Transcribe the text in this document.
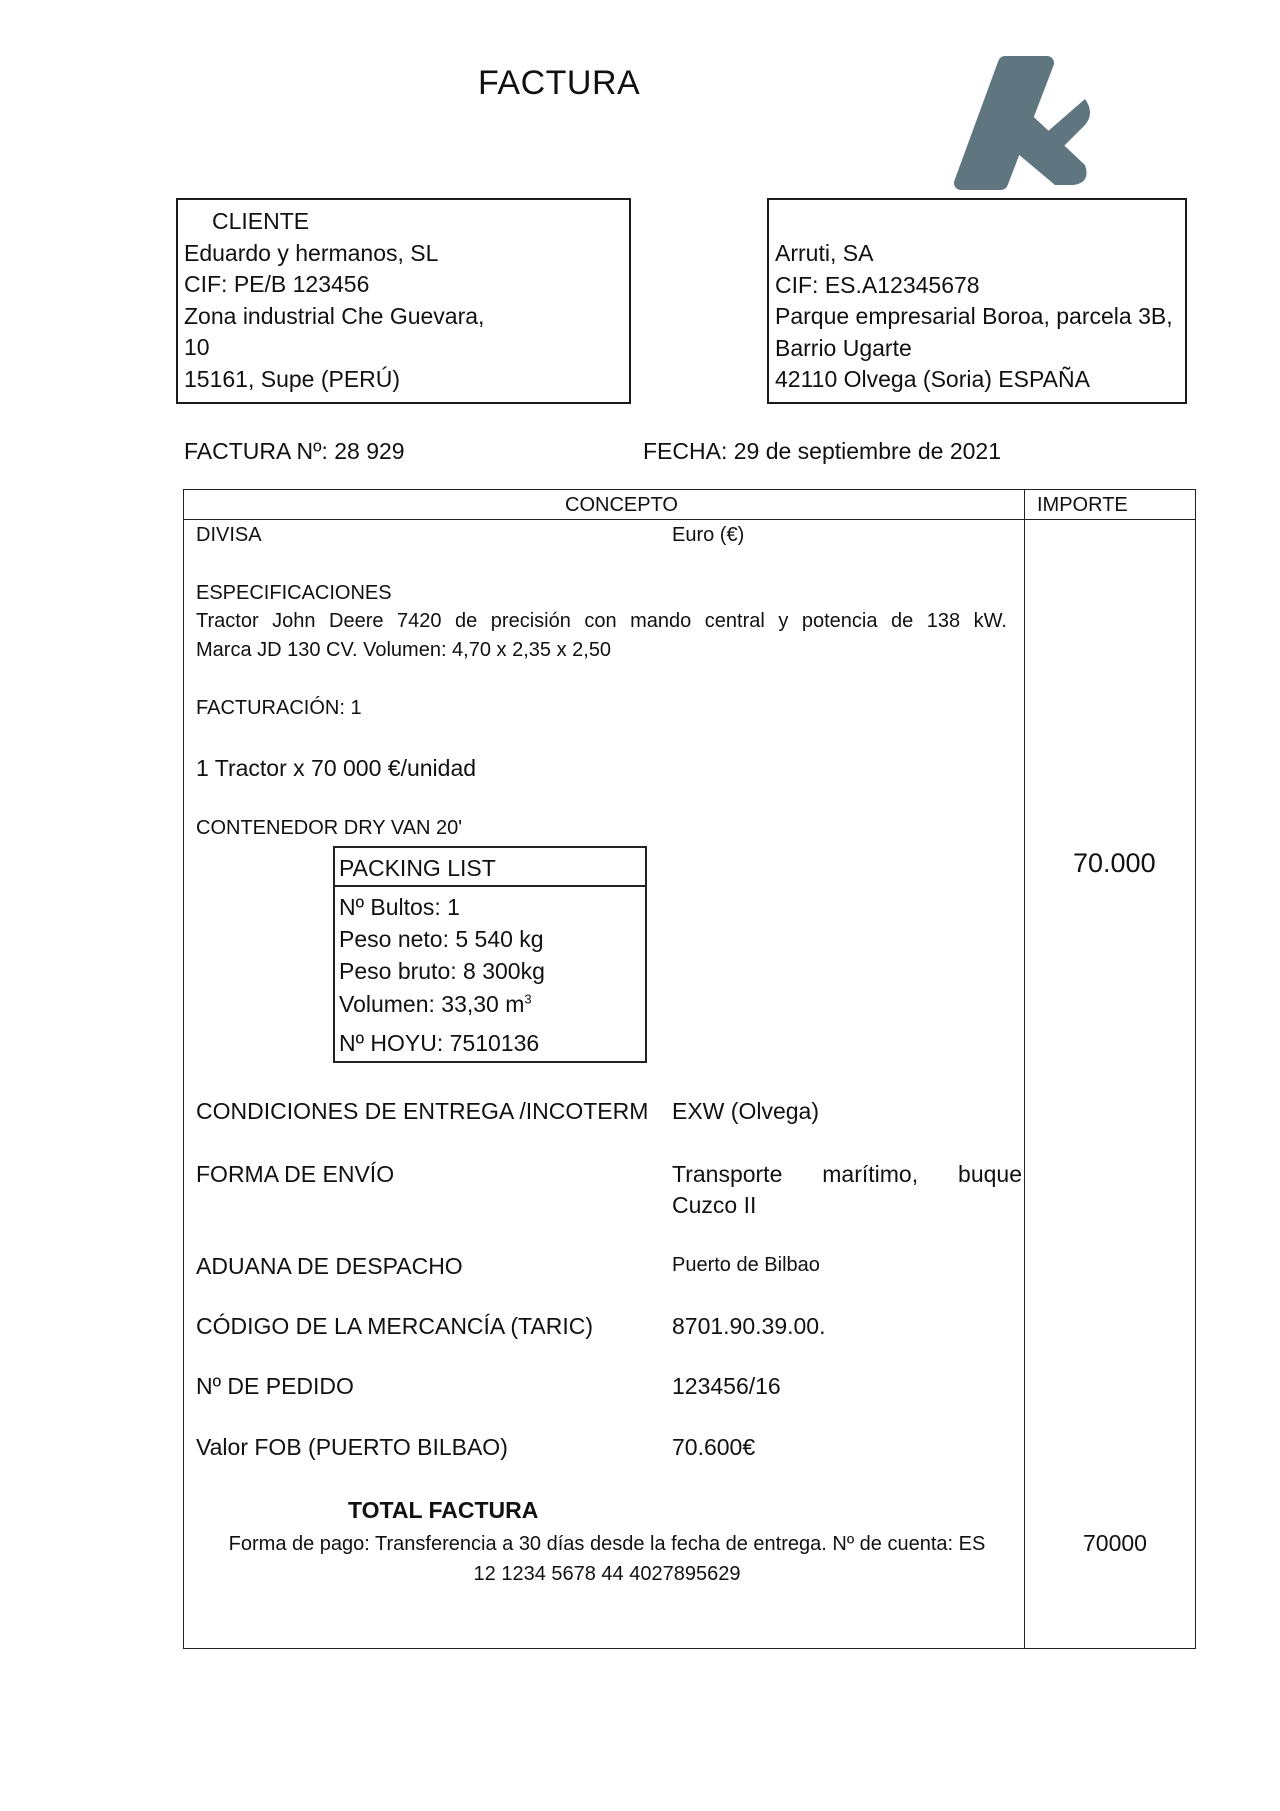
FACTURA
CLIENTE
Eduardo y hermanos, SL
CIF: PE/B 123456
Zona industrial Che Guevara,
10
15161, Supe (PERÚ)
Arruti, SA
CIF: ES.A12345678
Parque empresarial Boroa, parcela 3B,
Barrio Ugarte
42110 Olvega (Soria) ESPAÑA
FACTURA Nº: 28 929	FECHA: 29 de septiembre de 2021
CONCEPTO	IMPORTE
DIVISA	Euro (€)
ESPECIFICACIONES
Tractor John Deere 7420 de precisión con mando central y potencia de 138 kW.
Marca JD 130 CV. Volumen: 4,70 x 2,35 x 2,50
FACTURACIÓN: 1
1 Tractor x 70 000 €/unidad
CONTENEDOR DRY VAN 20'
70.000
PACKING LIST
Nº Bultos: 1
Peso neto: 5 540 kg
Peso bruto: 8 300kg
Volumen: 33,30 $m^3$
Nº HOYU: 7510136
CONDICIONES DE ENTREGA /INCOTERM EXW (Olvega)
FORMA DE ENVÍO	Transporte marítimo, buque
Cuzco II
ADUANA DE DESPACHO	Puerto de Bilbao
CÓDIGO DE LA MERCANCÍA (TARIC)	8701.90.39.00.
Nº DE PEDIDO	123456/16
Valor FOB (PUERTO BILBAO)	70.600€
TOTAL FACTURA
Forma de pago: Transferencia a 30 días desde la fecha de entrega. Nº de cuenta: ES
12 1234 5678 44 4027895629
70000
